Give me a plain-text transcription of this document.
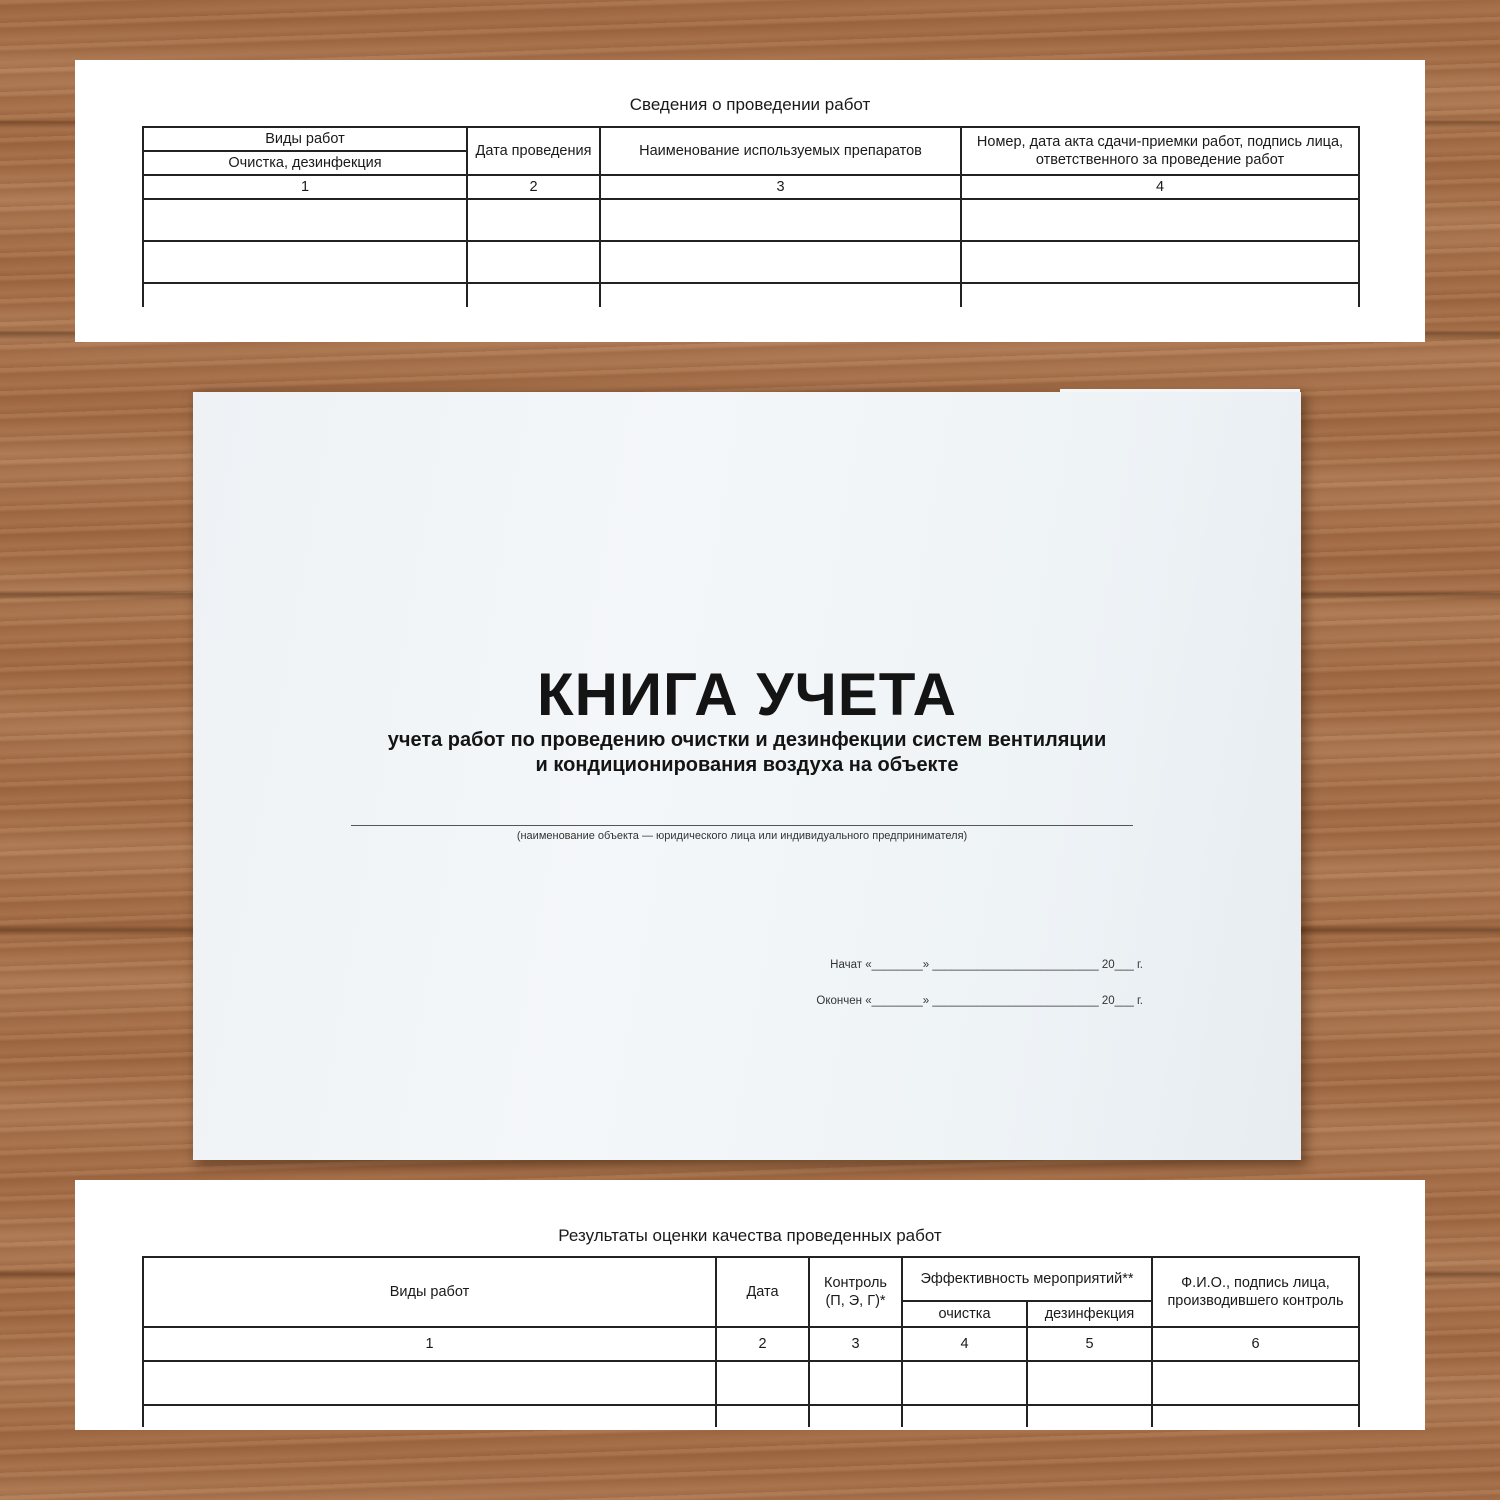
Сведения о проведении работ
Виды работ	Дата проведения	Наименование используемых препаратов	Номер, дата акта сдачи-приемки работ, подпись лица, ответственного за проведение работ
Очистка, дезинфекция			
1	2	3	4

КНИГА УЧЕТА
учета работ по проведению очистки и дезинфекции систем вентиляции
и кондиционирования воздуха на объекте
(наименование объекта — юридического лица или индивидуального предпринимателя)
Начат «________» __________________________ 20___ г.
Окончен «________» __________________________ 20___ г.
Результаты оценки качества проведенных работ
Виды работ	Дата	Контроль (П, Э, Г)*	Эффективность мероприятий**		Ф.И.О., подпись лица, производившего контроль
			очистка	дезинфекция	
1	2	3	4	5	6
